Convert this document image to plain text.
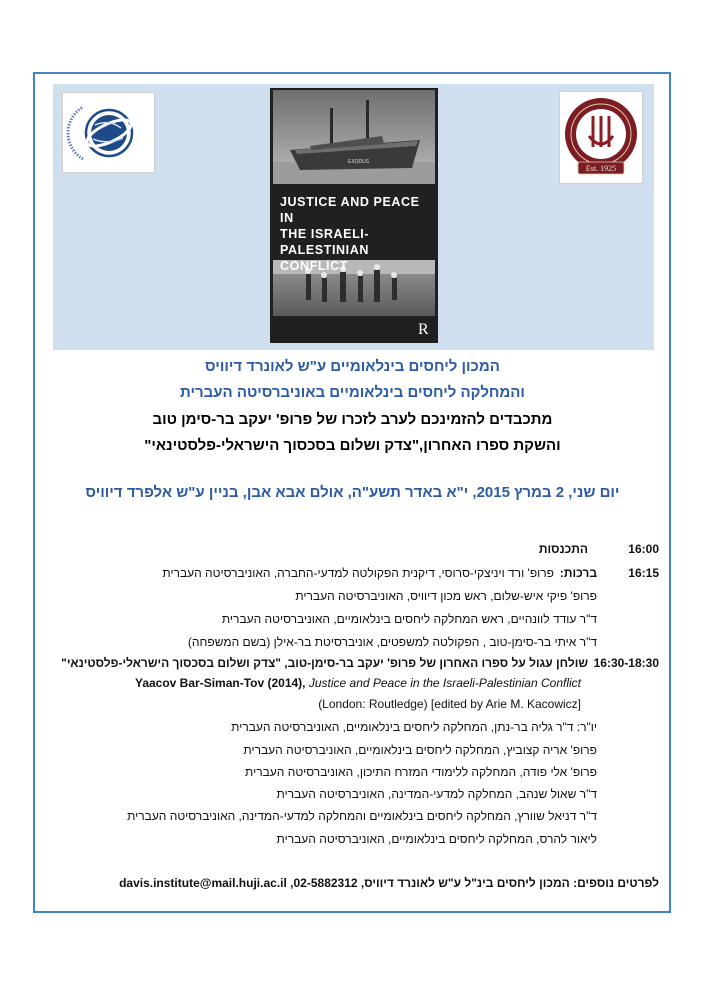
Est. 1925
EXODUS
R
JUSTICE AND PEACE IN
THE ISRAELI-PALESTINIAN
CONFLICT
המכון ליחסים בינלאומיים ע"ש לאונרד דיוויס
והמחלקה ליחסים בינלאומיים באוניברסיטה העברית
מתכבדים להזמינכם לערב לזכרו של פרופ' יעקב בר-סימן טוב
והשקת ספרו האחרון,"צדק ושלום בסכסוך הישראלי-פלסטינאי"
יום שני, 2 במרץ 2015, י"א באדר תשע"ה, אולם אבא אבן, בניין ע"ש אלפרד דיוויס
16:00
התכנסות
16:15
ברכות:
פרופ' ורד ויניצקי-סרוסי, דיקנית הפקולטה למדעי-החברה, האוניברסיטה העברית
פרופ' פיקי איש-שלום, ראש מכון דיוויס, האוניברסיטה העברית
ד"ר עודד לוונהיים, ראש המחלקה ליחסים בינלאומיים, האוניברסיטה העברית
ד"ר איתי בר-סימן-טוב , הפקולטה למשפטים, אוניברסיטת בר-אילן (בשם המשפחה)
16:30-18:30
שולחן עגול על ספרו האחרון של פרופ' יעקב בר-סימן-טוב, "צדק ושלום בסכסוך הישראלי-פלסטינאי"
Yaacov Bar-Siman-Tov (2014), Justice and Peace in the Israeli-Palestinian Conflict
(London: Routledge) [edited by Arie M. Kacowicz]
יו"ר: ד"ר גליה בר-נתן, המחלקה ליחסים בינלאומיים, האוניברסיטה העברית
פרופ' אריה קצוביץ, המחלקה ליחסים בינלאומיים, האוניברסיטה העברית
פרופ' אלי פודה, המחלקה ללימודי המזרח התיכון, האוניברסיטה העברית
ד"ר שאול שנהב, המחלקה למדעי-המדינה, האוניברסיטה העברית
ד"ר דניאל שוורץ, המחלקה ליחסים בינלאומיים והמחלקה למדעי-המדינה, האוניברסיטה העברית
ליאור להרס, המחלקה ליחסים בינלאומיים, האוניברסיטה העברית
לפרטים נוספים: המכון ליחסים בינ"ל ע"ש לאונרד דיוויס, 02-5882312, davis.institute@mail.huji.ac.il
